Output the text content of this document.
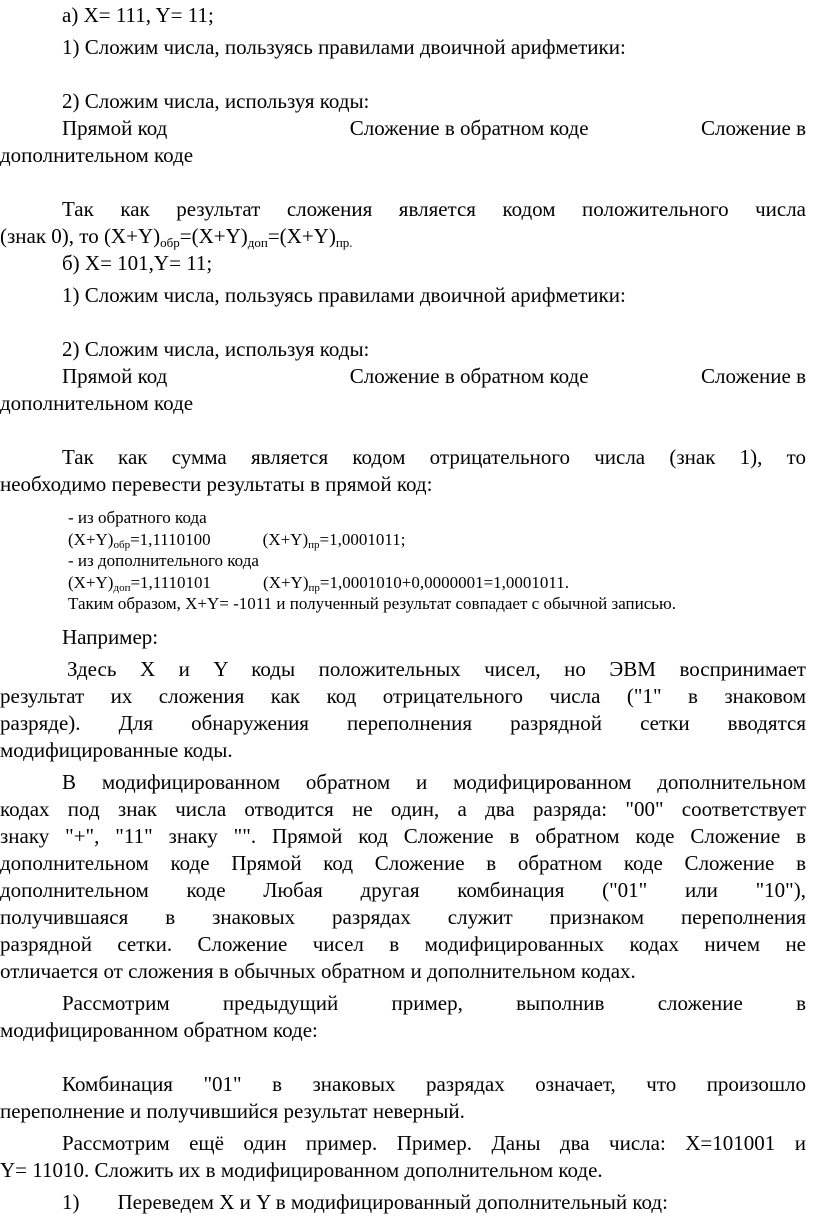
а) X= 111, Y= 11;
1) Сложим числа, пользуясь правилами двоичной арифметики:
2) Сложим числа, используя коды:
Прямой код	Сложение в обратном коде	Сложение в
дополнительном коде
Так как результат сложения является кодом положительного числа
(знак 0), то $(X+Y)_{обр}=(X+Y)_{доп}=(X+Y)_{пр.}$
б) X= 101,Y= 11;
1) Сложим числа, пользуясь правилами двоичной арифметики:
2) Сложим числа, используя коды:
Прямой код	Сложение в обратном коде	Сложение в
дополнительном коде
Так как сумма является кодом отрицательного числа (знак 1), то
необходимо перевести результаты в прямой код:
- из обратного кода
$(X+Y)_{обр}=1,1110100$	$(X+Y)_{пр}=1,0001011$;
- из дополнительного кода
$(X+Y)_{доп}=1,1110101$	$(X+Y)_{пр}=1,0001010+0,0000001=1,0001011$.
Таким образом, X+Y= -1011 и полученный результат совпадает с обычной записью.
Например:
Здесь X и Y коды положительных чисел, но ЭВМ воспринимает
результат их сложения как код отрицательного числа ("1" в знаковом
разряде). Для обнаружения переполнения разрядной сетки вводятся
модифицированные коды.
В модифицированном обратном и модифицированном дополнительном
кодах под знак числа отводится не один, а два разряда: "00" соответствует
знаку "+", "11" знаку "". Прямой код Сложение в обратном коде Сложение в
дополнительном коде Прямой код Сложение в обратном коде Сложение в
дополнительном коде Любая другая комбинация ("01" или "10"),
получившаяся в знаковых разрядах служит признаком переполнения
разрядной сетки. Сложение чисел в модифицированных кодах ничем не
отличается от сложения в обычных обратном и дополнительном кодах.
Рассмотрим предыдущий пример, выполнив сложение в
модифицированном обратном коде:
Комбинация "01" в знаковых разрядах означает, что произошло
переполнение и получившийся результат неверный.
Рассмотрим ещё один пример. Пример. Даны два числа: X=101001 и
Y= 11010. Сложить их в модифицированном дополнительном коде.
1) Переведем X и Y в модифицированный дополнительный код:
